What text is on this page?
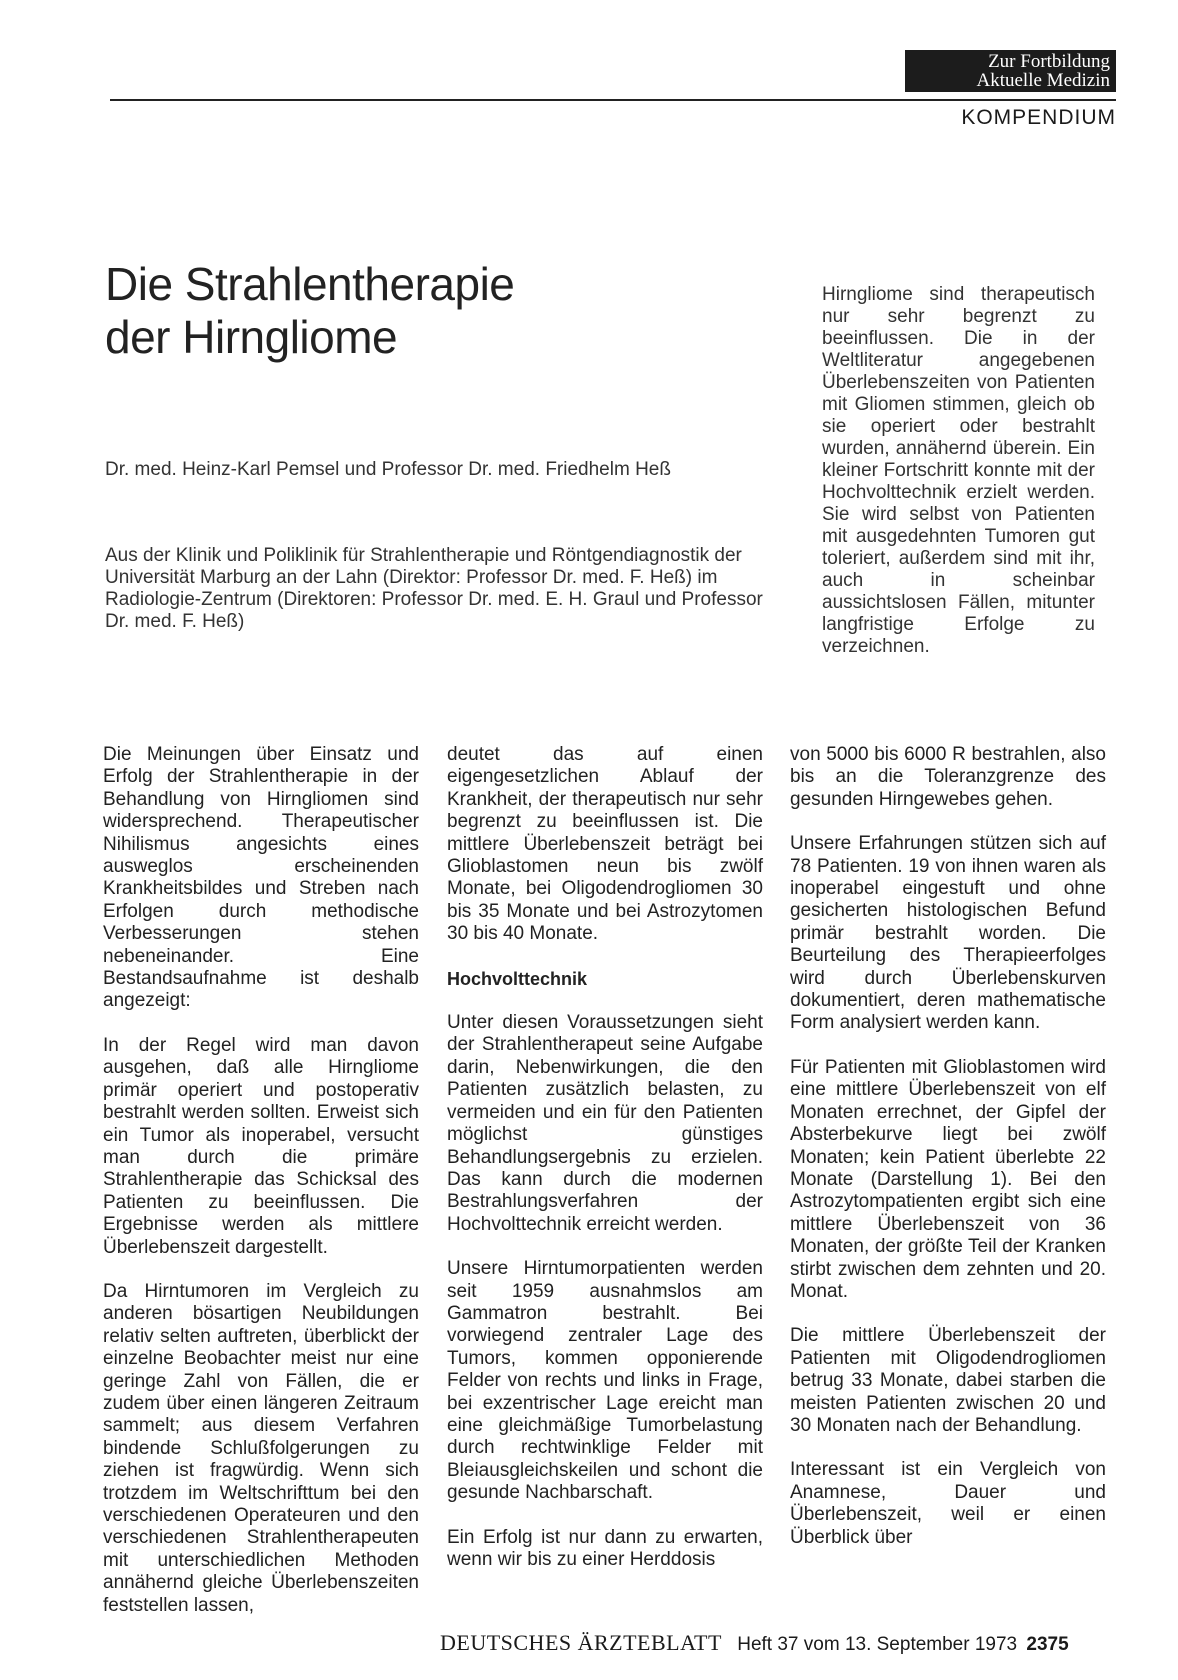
Zur Fortbildung
Aktuelle Medizin
KOMPENDIUM
Die Strahlentherapie
der Hirngliome
Dr. med. Heinz-Karl Pemsel und Professor Dr. med. Friedhelm Heß
Aus der Klinik und Poliklinik für Strahlentherapie und Röntgendiagnostik der Universität Marburg an der Lahn (Direktor: Professor Dr. med. F. Heß) im Radiologie-Zentrum (Direktoren: Professor Dr. med. E. H. Graul und Professor Dr. med. F. Heß)

Hirngliome sind therapeutisch nur sehr begrenzt zu beeinflussen. Die in der Weltliteratur angegebenen Überlebenszeiten von Patienten mit Gliomen stimmen, gleich ob sie operiert oder bestrahlt wurden, annähernd überein. Ein kleiner Fortschritt konnte mit der Hochvolttechnik erzielt werden. Sie wird selbst von Patienten mit ausgedehnten Tumoren gut toleriert, außerdem sind mit ihr, auch in scheinbar aussichtslosen Fällen, mitunter langfristige Erfolge zu verzeichnen.

Die Meinungen über Einsatz und Erfolg der Strahlentherapie in der Behandlung von Hirngliomen sind widersprechend. Therapeutischer Nihilismus angesichts eines ausweglos erscheinenden Krankheitsbildes und Streben nach Erfolgen durch methodische Verbesserungen stehen nebeneinander. Eine Bestandsaufnahme ist deshalb angezeigt:

In der Regel wird man davon ausgehen, daß alle Hirngliome primär operiert und postoperativ bestrahlt werden sollten. Erweist sich ein Tumor als inoperabel, versucht man durch die primäre Strahlentherapie das Schicksal des Patienten zu beeinflussen. Die Ergebnisse werden als mittlere Überlebenszeit dargestellt.

Da Hirntumoren im Vergleich zu anderen bösartigen Neubildungen relativ selten auftreten, überblickt der einzelne Beobachter meist nur eine geringe Zahl von Fällen, die er zudem über einen längeren Zeitraum sammelt; aus diesem Verfahren bindende Schlußfolgerungen zu ziehen ist fragwürdig. Wenn sich trotzdem im Weltschrifttum bei den verschiedenen Operateuren und den verschiedenen Strahlentherapeuten mit unterschiedlichen Methoden annähernd gleiche Überlebenszeiten feststellen lassen,

deutet das auf einen eigengesetzlichen Ablauf der Krankheit, der therapeutisch nur sehr begrenzt zu beeinflussen ist. Die mittlere Überlebenszeit beträgt bei Glioblastomen neun bis zwölf Monate, bei Oligodendrogliomen 30 bis 35 Monate und bei Astrozytomen 30 bis 40 Monate.

Hochvolttechnik

Unter diesen Voraussetzungen sieht der Strahlentherapeut seine Aufgabe darin, Nebenwirkungen, die den Patienten zusätzlich belasten, zu vermeiden und ein für den Patienten möglichst günstiges Behandlungsergebnis zu erzielen. Das kann durch die modernen Bestrahlungsverfahren der Hochvolttechnik erreicht werden.

Unsere Hirntumorpatienten werden seit 1959 ausnahmslos am Gammatron bestrahlt. Bei vorwiegend zentraler Lage des Tumors, kommen opponierende Felder von rechts und links in Frage, bei exzentrischer Lage ereicht man eine gleichmäßige Tumorbelastung durch rechtwinklige Felder mit Bleiausgleichskeilen und schont die gesunde Nachbarschaft.

Ein Erfolg ist nur dann zu erwarten, wenn wir bis zu einer Herddosis

von 5000 bis 6000 R bestrahlen, also bis an die Toleranzgrenze des gesunden Hirngewebes gehen.

Unsere Erfahrungen stützen sich auf 78 Patienten. 19 von ihnen waren als inoperabel eingestuft und ohne gesicherten histologischen Befund primär bestrahlt worden. Die Beurteilung des Therapieerfolges wird durch Überlebenskurven dokumentiert, deren mathematische Form analysiert werden kann.

Für Patienten mit Glioblastomen wird eine mittlere Überlebenszeit von elf Monaten errechnet, der Gipfel der Absterbekurve liegt bei zwölf Monaten; kein Patient überlebte 22 Monate (Darstellung 1). Bei den Astrozytompatienten ergibt sich eine mittlere Überlebenszeit von 36 Monaten, der größte Teil der Kranken stirbt zwischen dem zehnten und 20. Monat.

Die mittlere Überlebenszeit der Patienten mit Oligodendrogliomen betrug 33 Monate, dabei starben die meisten Patienten zwischen 20 und 30 Monaten nach der Behandlung.

Interessant ist ein Vergleich von Anamnese, Dauer und Überlebenszeit, weil er einen Überblick über

DEUTSCHES ÄRZTEBLATT Heft 37 vom 13. September 1973 2375
